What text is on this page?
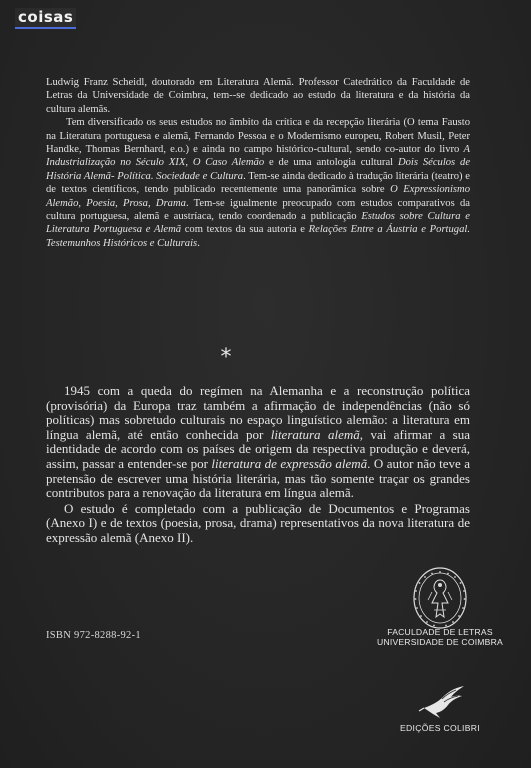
coisas

Ludwig Franz Scheidl, doutorado em Literatura Alemã. Professor Catedrático da Faculdade de Letras da Universidade de Coimbra, tem--se dedicado ao estudo da literatura e da história da cultura alemãs.

Tem diversificado os seus estudos no âmbito da crítica e da recepção literária (O tema Fausto na Literatura portuguesa e alemã, Fernando Pessoa e o Modernismo europeu, Robert Musil, Peter Handke, Thomas Bernhard, e.o.) e ainda no campo histórico-cultural, sendo co-autor do livro A Industrialização no Século XIX, O Caso Alemão e de uma antologia cultural Dois Séculos de História Alemã- Política. Sociedade e Cultura. Tem-se ainda dedicado à tradução literária (teatro) e de textos científicos, tendo publicado recentemente uma panorâmica sobre O Expressionismo Alemão, Poesia, Prosa, Drama. Tem-se igualmente preocupado com estudos comparativos da cultura portuguesa, alemã e austríaca, tendo coordenado a publicação Estudos sobre Cultura e Literatura Portuguesa e Alemã com textos da sua autoria e Relações Entre a Áustria e Portugal. Testemunhos Históricos e Culturais.

*

1945 com a queda do regímen na Alemanha e a reconstrução política (provisória) da Europa traz também a afirmação de independências (não só políticas) mas sobretudo culturais no espaço linguístico alemão: a literatura em língua alemã, até então conhecida por literatura alemã, vai afirmar a sua identidade de acordo com os países de origem da respectiva produção e deverá, assim, passar a entender-se por literatura de expressão alemã. O autor não teve a pretensão de escrever uma história literária, mas tão somente traçar os grandes contributos para a renovação da literatura em língua alemã.

O estudo é completado com a publicação de Documentos e Programas (Anexo I) e de textos (poesia, prosa, drama) representativos da nova literatura de expressão alemã (Anexo II).

ISBN 972-8288-92-1	FACULDADE DE LETRAS
UNIVERSIDADE DE COIMBRA
EDIÇÕES COLIBRI
